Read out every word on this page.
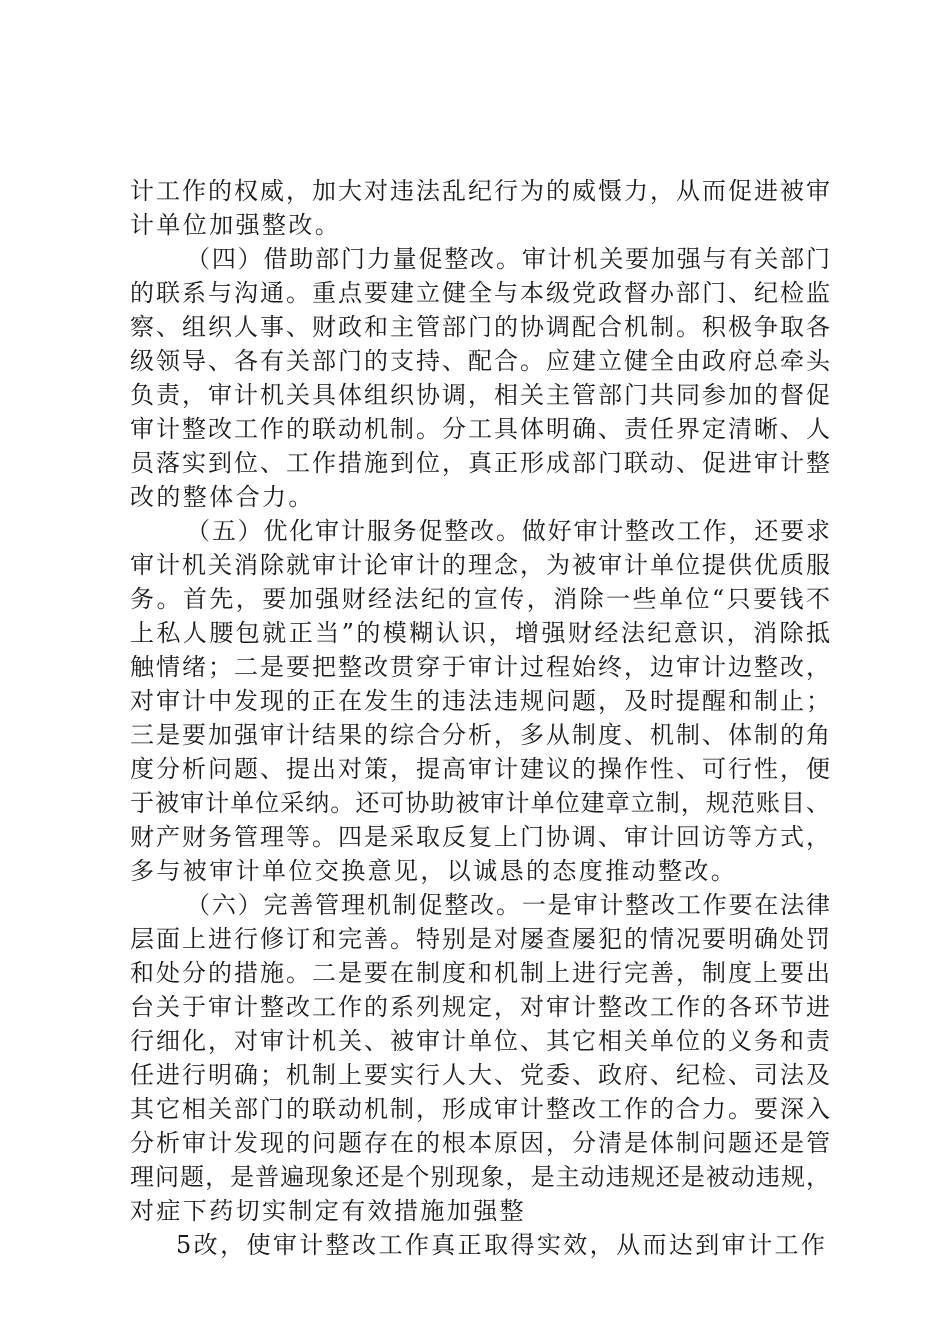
计工作的权威，加大对违法乱纪行为的威慑力，从而促进被审
计单位加强整改。
（四）借助部门力量促整改。审计机关要加强与有关部门
的联系与沟通。重点要建立健全与本级党政督办部门、纪检监
察、组织人事、财政和主管部门的协调配合机制。积极争取各
级领导、各有关部门的支持、配合。应建立健全由政府总牵头
负责，审计机关具体组织协调，相关主管部门共同参加的督促
审计整改工作的联动机制。分工具体明确、责任界定清晰、人
员落实到位、工作措施到位，真正形成部门联动、促进审计整
改的整体合力。
（五）优化审计服务促整改。做好审计整改工作，还要求
审计机关消除就审计论审计的理念，为被审计单位提供优质服
务。首先，要加强财经法纪的宣传，消除一些单位“只要钱不
上私人腰包就正当”的模糊认识，增强财经法纪意识，消除抵
触情绪；二是要把整改贯穿于审计过程始终，边审计边整改，
对审计中发现的正在发生的违法违规问题，及时提醒和制止；
三是要加强审计结果的综合分析，多从制度、机制、体制的角
度分析问题、提出对策，提高审计建议的操作性、可行性，便
于被审计单位采纳。还可协助被审计单位建章立制，规范账目、
财产财务管理等。四是采取反复上门协调、审计回访等方式，
多与被审计单位交换意见，以诚恳的态度推动整改。
（六）完善管理机制促整改。一是审计整改工作要在法律
层面上进行修订和完善。特别是对屡查屡犯的情况要明确处罚
和处分的措施。二是要在制度和机制上进行完善，制度上要出
台关于审计整改工作的系列规定，对审计整改工作的各环节进
行细化，对审计机关、被审计单位、其它相关单位的义务和责
任进行明确；机制上要实行人大、党委、政府、纪检、司法及
其它相关部门的联动机制，形成审计整改工作的合力。要深入
分析审计发现的问题存在的根本原因，分清是体制问题还是管
理问题，是普遍现象还是个别现象，是主动违规还是被动违规，
对症下药切实制定有效措施加强整
5改，使审计整改工作真正取得实效，从而达到审计工作
